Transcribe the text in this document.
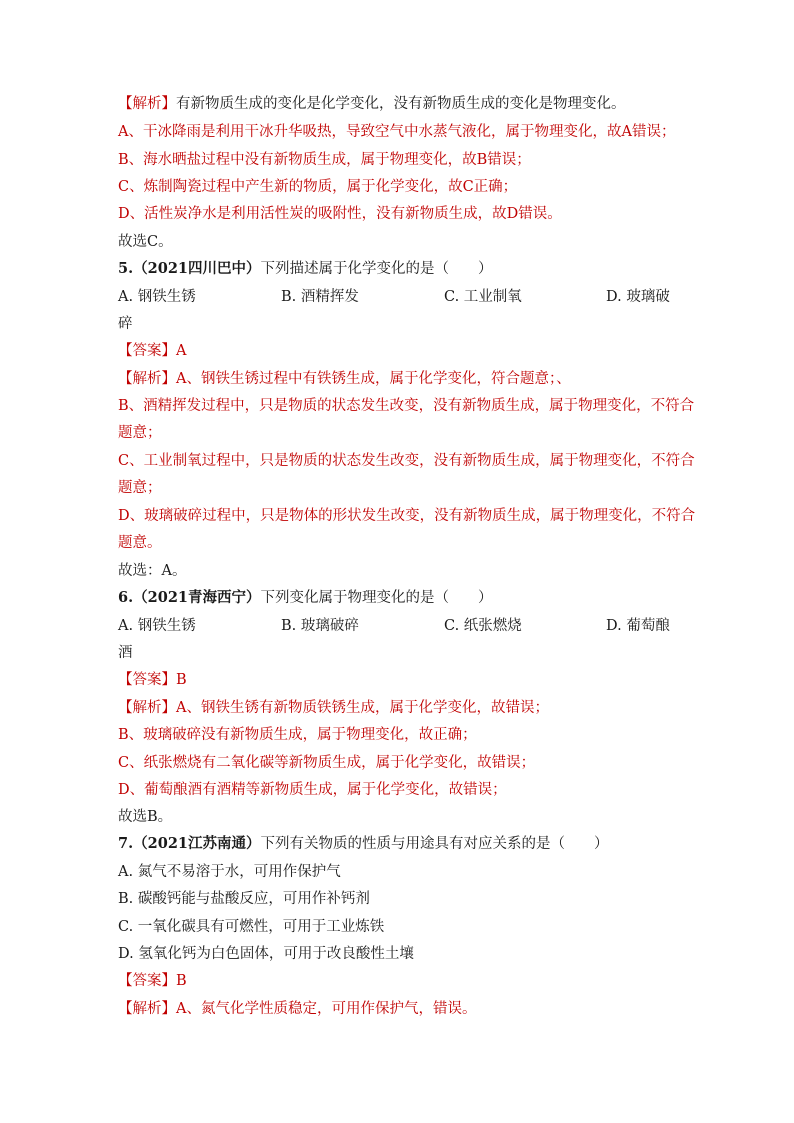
【解析】有新物质生成的变化是化学变化，没有新物质生成的变化是物理变化。
A、干冰降雨是利用干冰升华吸热，导致空气中水蒸气液化，属于物理变化，故A错误；
B、海水晒盐过程中没有新物质生成，属于物理变化，故B错误；
C、炼制陶瓷过程中产生新的物质，属于化学变化，故C正确；
D、活性炭净水是利用活性炭的吸附性，没有新物质生成，故D错误。
故选C。
5.（2021四川巴中）下列描述属于化学变化的是（　　）
A. 钢铁生锈	B. 酒精挥发	C. 工业制氧	D. 玻璃破
碎
【答案】A
【解析】A、钢铁生锈过程中有铁锈生成，属于化学变化，符合题意；、
B、酒精挥发过程中，只是物质的状态发生改变，没有新物质生成，属于物理变化，不符合
题意；
C、工业制氧过程中，只是物质的状态发生改变，没有新物质生成，属于物理变化，不符合
题意；
D、玻璃破碎过程中，只是物体的形状发生改变，没有新物质生成，属于物理变化，不符合
题意。
故选：A。
6.（2021青海西宁）下列变化属于物理变化的是（　　）
A. 钢铁生锈	B. 玻璃破碎	C. 纸张燃烧	D. 葡萄酿
酒
【答案】B
【解析】A、钢铁生锈有新物质铁锈生成，属于化学变化，故错误；
B、玻璃破碎没有新物质生成，属于物理变化，故正确；
C、纸张燃烧有二氧化碳等新物质生成，属于化学变化，故错误；
D、葡萄酿酒有酒精等新物质生成，属于化学变化，故错误；
故选B。
7.（2021江苏南通）下列有关物质的性质与用途具有对应关系的是（　　）
A. 氮气不易溶于水，可用作保护气
B. 碳酸钙能与盐酸反应，可用作补钙剂
C. 一氧化碳具有可燃性，可用于工业炼铁
D. 氢氧化钙为白色固体，可用于改良酸性土壤
【答案】B
【解析】A、氮气化学性质稳定，可用作保护气，错误。
